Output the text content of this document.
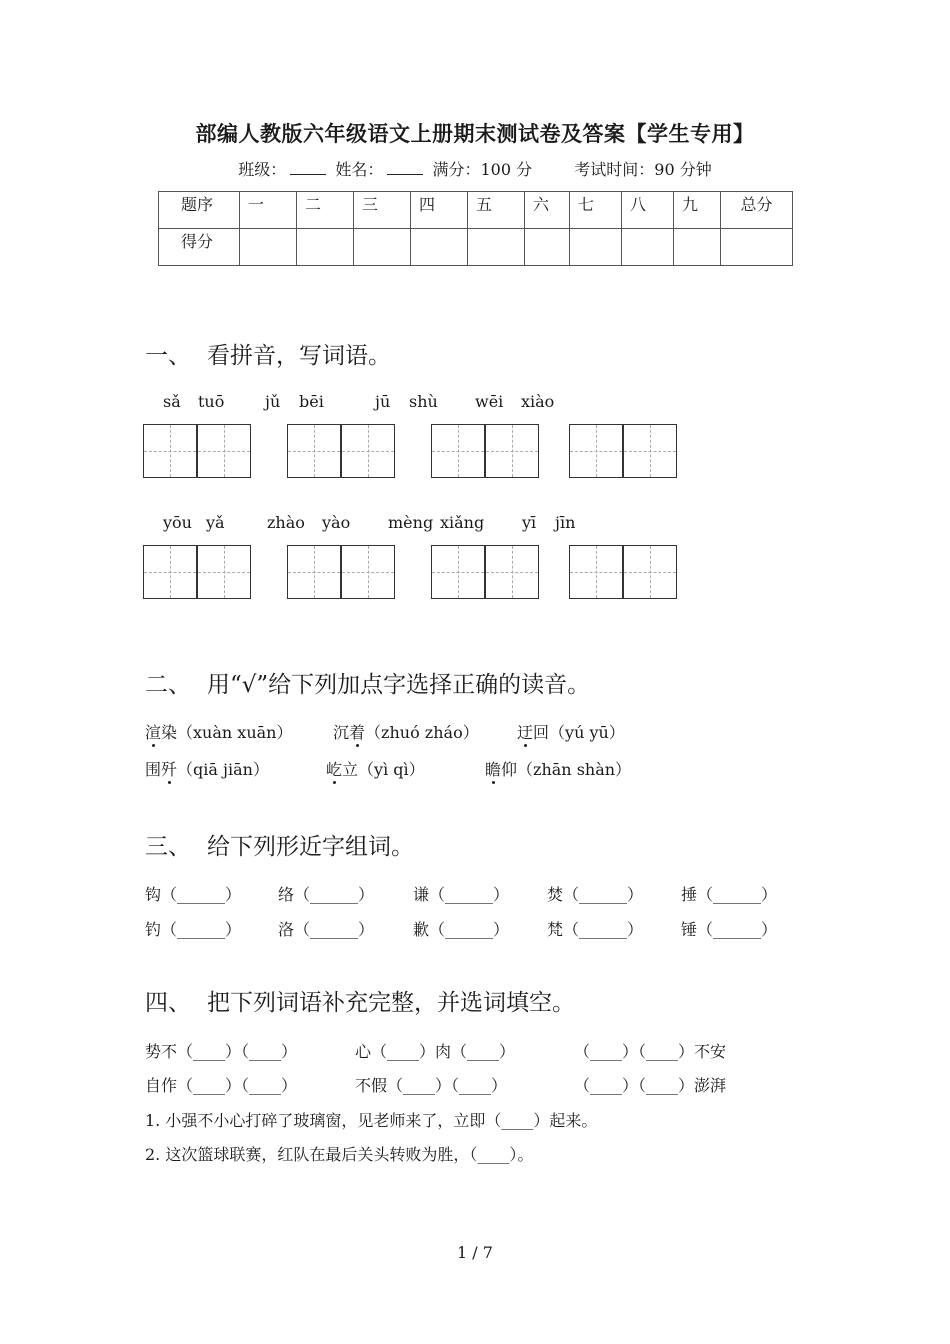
部编人教版六年级语文上册期末测试卷及答案【学生专用】
班级：	姓名：	满分：100 分	考试时间：90 分钟
题序	一	二	三	四	五	六	七	八	九	总分
得分										
一、 看拼音，写词语。
sǎ tuō	jǔ bēi	jū shù wēi xiào
yōu yǎ	zhào yào mèng xiǎng yī jīn
二、 用“√”给下列加点字选择正确的读音。
渲染（xuàn xuān）	沉着（zhuó zháo） 迂回（yú yū）
围歼（qiā jiān）	屹立（yì qì）	瞻仰（zhān shàn）
三、 给下列形近字组词。
钩（______） 络（______） 谦（______） 焚（______） 捶（______）
钓（______） 洛（______） 歉（______） 梵（______） 锤（______）
四、 把下列词语补充完整，并选词填空。
势不（____）（____）	心（____）肉（____）	（____）（____）不安
自作（____）（____）	不假（____）（____）	（____）（____）澎湃
1. 小强不小心打碎了玻璃窗，见老师来了，立即（____）起来。
2. 这次篮球联赛，红队在最后关头转败为胜，（____）。
1 / 7
